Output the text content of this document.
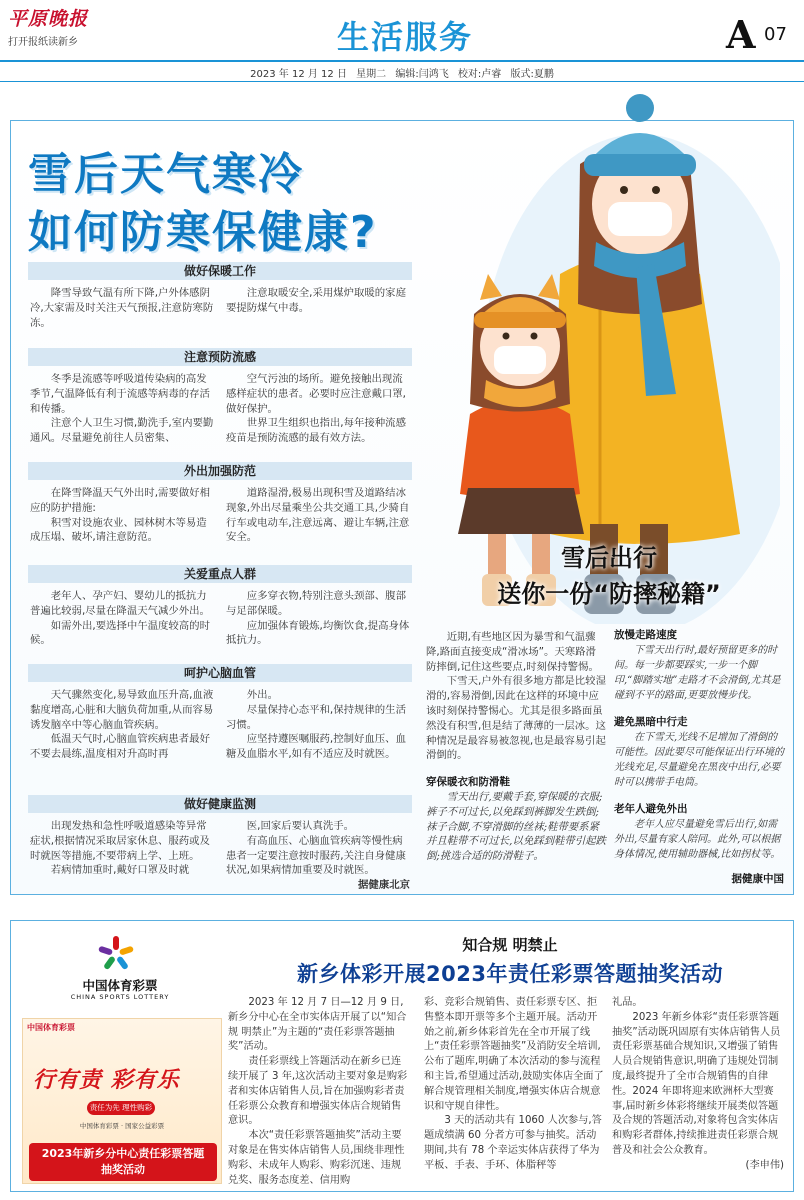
平原晚报
打开报纸读新乡	生活服务	A 07
2023 年 12 月 12 日 星期二 编辑:闫鸿飞 校对:卢睿 版式:夏鹏
雪后天气寒冷
如何防寒保健康?
做好保暖工作

降雪导致气温有所下降,户外体感阴冷,大家需及时关注天气预报,注意防寒防冻。

注意取暖安全,采用煤炉取暖的家庭要提防煤气中毒。

注意预防流感

冬季是流感等呼吸道传染病的高发季节,气温降低有利于流感等病毒的存活和传播。

注意个人卫生习惯,勤洗手,室内要勤通风。尽量避免前往人员密集、

空气污浊的场所。避免接触出现流感样症状的患者。必要时应注意戴口罩,做好保护。

世界卫生组织也指出,每年接种流感疫苗是预防流感的最有效方法。

外出加强防范

在降雪降温天气外出时,需要做好相应的防护措施:

积雪对设施农业、园林树木等易造成压塌、破坏,请注意防范。

道路湿滑,极易出现积雪及道路结冰现象,外出尽量乘坐公共交通工具,少骑自行车或电动车,注意远离、避让车辆,注意安全。

关爱重点人群

老年人、孕产妇、婴幼儿的抵抗力普遍比较弱,尽量在降温天气减少外出。

如需外出,要选择中午温度较高的时候。

应多穿衣物,特别注意头颈部、腹部与足部保暖。

应加强体育锻炼,均衡饮食,提高身体抵抗力。

呵护心脑血管

天气骤然变化,易导致血压升高,血液黏度增高,心脏和大脑负荷加重,从而容易诱发脑卒中等心脑血管疾病。

低温天气时,心脑血管疾病患者最好不要去晨练,温度相对升高时再

外出。

尽量保持心态平和,保持规律的生活习惯。

应坚持遵医嘱服药,控制好血压、血糖及血脂水平,如有不适应及时就医。

做好健康监测

出现发热和急性呼吸道感染等异常症状,根据情况采取居家休息、服药或及时就医等措施,不要带病上学、上班。

若病情加重时,戴好口罩及时就

医,回家后要认真洗手。

有高血压、心脑血管疾病等慢性病患者一定要注意按时服药,关注自身健康状况,如果病情加重要及时就医。

据健康北京

雪后出行
送你一份“防摔秘籍”

近期,有些地区因为暴雪和气温骤降,路面直接变成“滑冰场”。天寒路滑防摔倒,记住这些要点,时刻保持警惕。

下雪天,户外有很多地方都是比较湿滑的,容易滑倒,因此在这样的环境中应该时刻保持警惕心。尤其是很多路面虽然没有积雪,但是结了薄薄的一层冰。这种情况是最容易被忽视,也是最容易引起滑倒的。

穿保暖衣和防滑鞋

雪天出行,要戴手套,穿保暖的衣服;裤子不可过长,以免踩到裤脚发生跌倒;袜子合脚,不穿滑脚的丝袜;鞋带要系紧并且鞋带不可过长,以免踩到鞋带引起跌倒;挑选合适的防滑鞋子。

放慢走路速度

下雪天出行时,最好预留更多的时间。每一步都要踩实,一步一个脚印,“脚踏实地”走路才不会滑倒,尤其是碰到不平的路面,更要放慢步伐。

避免黑暗中行走

在下雪天,光线不足增加了滑倒的可能性。因此要尽可能保证出行环境的光线充足,尽量避免在黑夜中出行,必要时可以携带手电筒。

老年人避免外出

老年人应尽量避免雪后出行,如需外出,尽量有家人陪同。此外,可以根据身体情况,使用辅助器械,比如拐杖等。

据健康中国

中国体育彩票
CHINA SPORTS LOTTERY
中国体育彩票
行有责 彩有乐
责任为先 理性购彩
中国体育彩票 · 国家公益彩票
2023年新乡分中心责任彩票答题
抽奖活动
知合规 明禁止
新乡体彩开展2023年责任彩票答题抽奖活动

2023 年 12 月 7 日—12 月 9 日,新乡分中心在全市实体店开展了以“知合规 明禁止”为主题的“责任彩票答题抽奖”活动。

责任彩票线上答题活动在新乡已连续开展了 3 年,这次活动主要对象是购彩者和实体店销售人员,旨在加强购彩者责任彩票公众教育和增强实体店合规销售意识。

本次“责任彩票答题抽奖”活动主要对象是在售实体店销售人员,围绕非理性购彩、未成年人购彩、购彩沉迷、违规兑奖、服务态度差、信用购

彩、竞彩合规销售、责任彩票专区、拒售整本即开票等多个主题开展。活动开始之前,新乡体彩首先在全市开展了线上“责任彩票答题抽奖”及消防安全培训,公布了题库,明确了本次活动的参与流程和主旨,希望通过活动,鼓励实体店全面了解合规管理相关制度,增强实体店合规意识和守规自律性。

3 天的活动共有 1060 人次参与,答题成绩满 60 分者方可参与抽奖。活动期间,共有 78 个幸运实体店获得了华为平板、手表、手环、体脂秤等

礼品。

2023 年新乡体彩“责任彩票答题抽奖”活动既巩固原有实体店销售人员责任彩票基础合规知识,又增强了销售人员合规销售意识,明确了违规处罚制度,最终提升了全市合规销售的自律性。2024 年即将迎来欧洲杯大型赛事,届时新乡体彩将继续开展类似答题及合规的答题活动,对象将包含实体店和购彩者群体,持续推进责任彩票合规普及和社会公众教育。

(李申伟)
